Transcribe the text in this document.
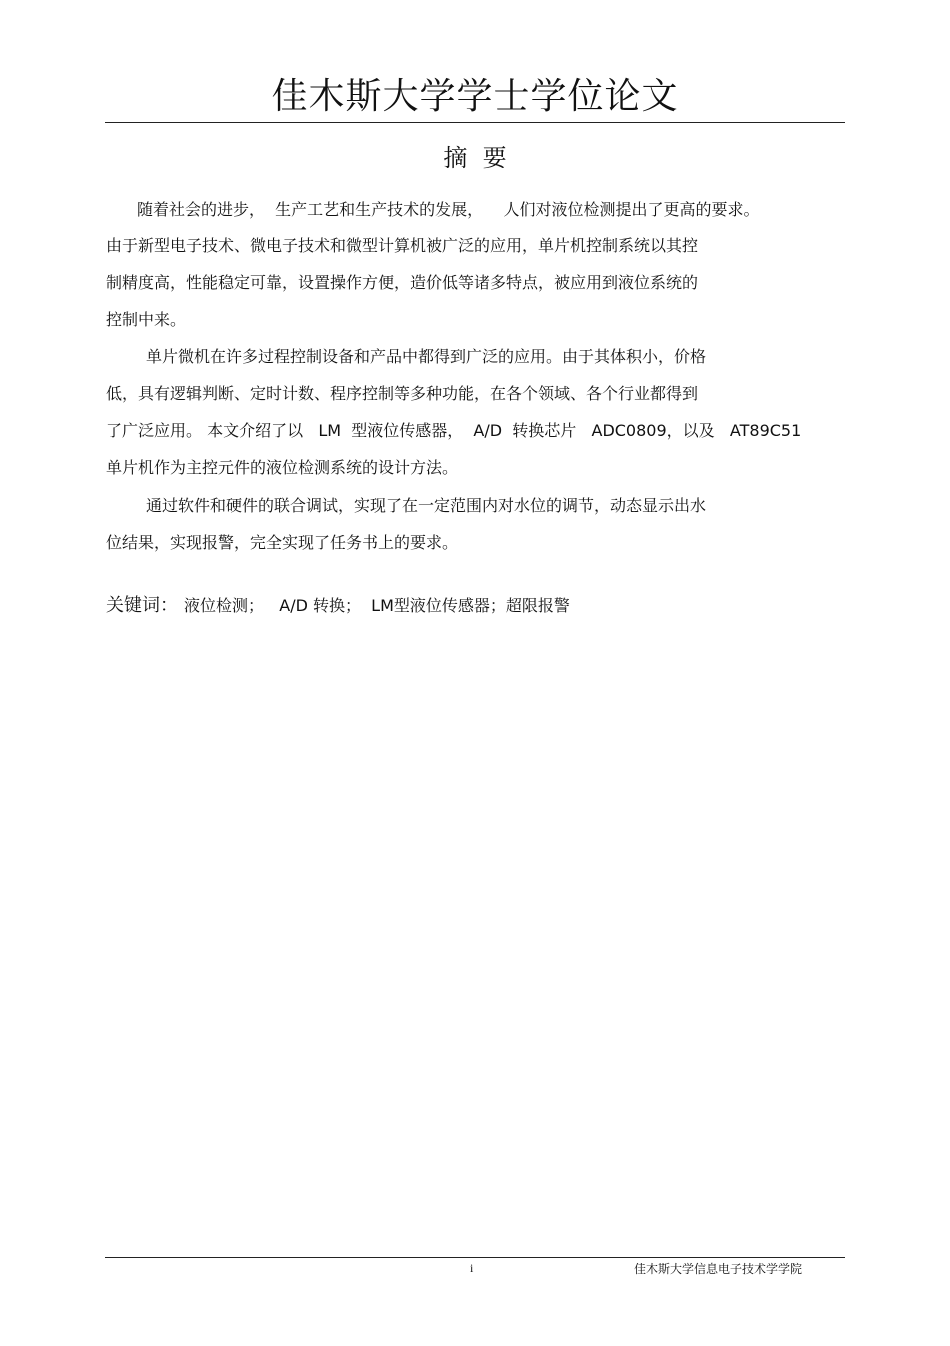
佳木斯大学学士学位论文
摘  要
随着社会的进步，  生产工艺和生产技术的发展，    人们对液位检测提出了更高的要求。
由于新型电子技术、微电子技术和微型计算机被广泛的应用，单片机控制系统以其控
制精度高，性能稳定可靠，设置操作方便，造价低等诸多特点，被应用到液位系统的
控制中来。
单片微机在许多过程控制设备和产品中都得到广泛的应用。由于其体积小，价格
低，具有逻辑判断、定时计数、程序控制等多种功能，在各个领域、各个行业都得到
了广泛应用。 本文介绍了以   LM  型液位传感器，  A/D  转换芯片   ADC0809，以及   AT89C51
单片机作为主控元件的液位检测系统的设计方法。
通过软件和硬件的联合调试，实现了在一定范围内对水位的调节，动态显示出水
位结果，实现报警，完全实现了任务书上的要求。
关键词： 液位检测；   A/D 转换；  LM型液位传感器；超限报警
i	佳木斯大学信息电子技术学学院
